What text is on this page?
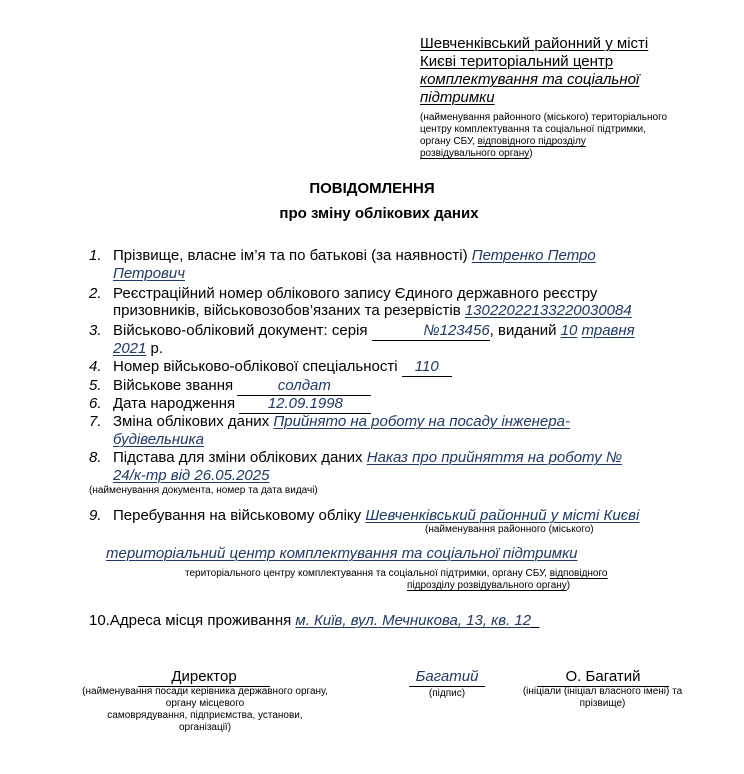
Шевченківський районний у місті
Києві територіальний центр
комплектування та соціальної
підтримки
(найменування районного (міського) територіального
центру комплектування та соціальної підтримки,
органу СБУ, відповідного підрозділу
розвідувального органу)
ПОВІДОМЛЕННЯ
про зміну облікових даних
1. Прізвище, власне ім’я та по батькові (за наявності) Петренко Петро
Петрович
2. Реєстраційний номер облікового запису Єдиного державного реєстру
призовників, військовозобов’язаних та резервістів 13022022133220030084
3. Військово-обліковий документ: серія	№123456, виданий 10 травня
2021 р.
4. Номер військово-облікової спеціальності 110
5. Військове звання	солдат
6. Дата народження 12.09.1998
7. Зміна облікових даних Прийнято на роботу на посаду інженера-
будівельника
8. Підстава для зміни облікових даних Наказ про прийняття на роботу №
24/к-тр від 26.05.2025
(найменування документа, номер та дата видачі)
9. Перебування на військовому обліку Шевченківський районний у місті Києві
(найменування районного (міського)
територіальний центр комплектування та соціальної підтримки
територіального центру комплектування та соціальної підтримки, органу СБУ, відповідного
підрозділу розвідувального органу)
10.Адреса місця проживання м. Київ, вул. Мечникова, 13, кв. 12
Директор
(найменування посади керівника державного органу,
органу місцевого
самоврядування, підприємства, установи,
організації)
Багатий
(підпис)
О. Багатий
(ініціали (ініціал власного імені) та
прізвище)
